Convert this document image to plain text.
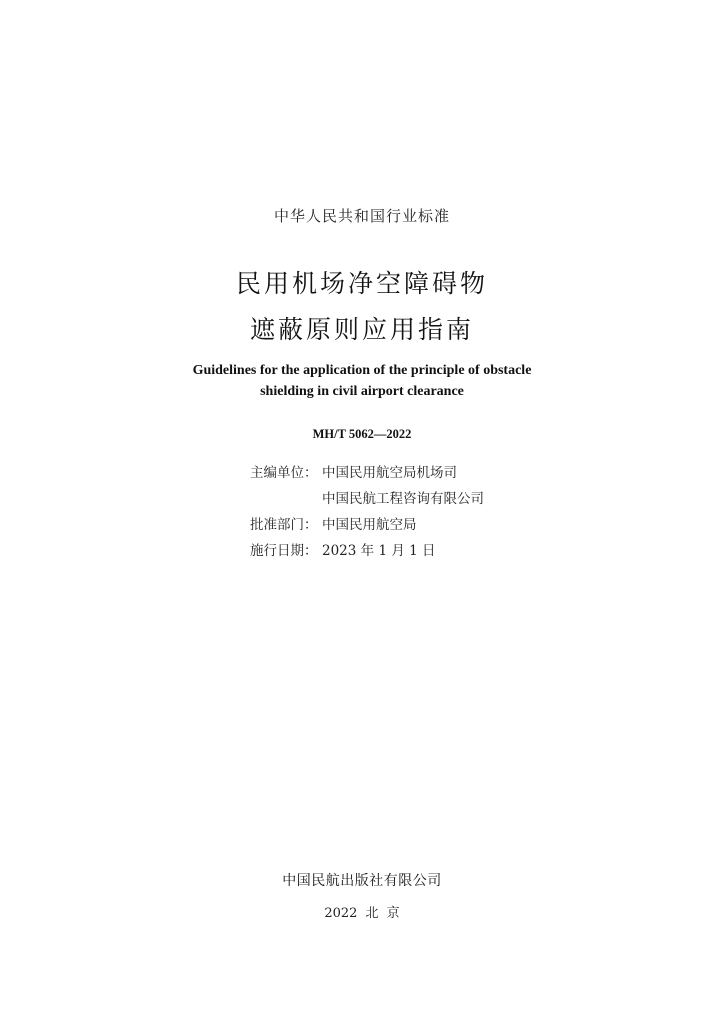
中华人民共和国行业标准
民用机场净空障碍物
遮蔽原则应用指南
Guidelines for the application of the principle of obstacle
shielding in civil airport clearance
MH/T 5062—2022
主编单位： 中国民用航空局机场司
中国民航工程咨询有限公司
批准部门： 中国民用航空局
施行日期： 2023 年 1 月 1 日
中国民航出版社有限公司
2022 北 京
